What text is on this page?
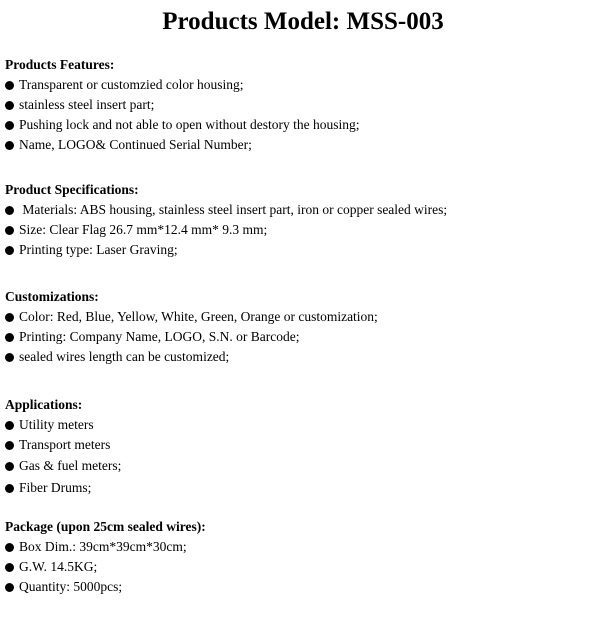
Products Model: MSS-003
Products Features:
Transparent or customzied color housing;
stainless steel insert part;
Pushing lock and not able to open without destory the housing;
Name, LOGO& Continued Serial Number;
Product Specifications:
Materials: ABS housing, stainless steel insert part, iron or copper sealed wires;
Size: Clear Flag 26.7 mm*12.4 mm* 9.3 mm;
Printing type: Laser Graving;
Customizations:
Color: Red, Blue, Yellow, White, Green, Orange or customization;
Printing: Company Name, LOGO, S.N. or Barcode;
sealed wires length can be customized;
Applications:
Utility meters
Transport meters
Gas & fuel meters;
Fiber Drums;
Package (upon 25cm sealed wires):
Box Dim.: 39cm*39cm*30cm;
G.W. 14.5KG;
Quantity: 5000pcs;
